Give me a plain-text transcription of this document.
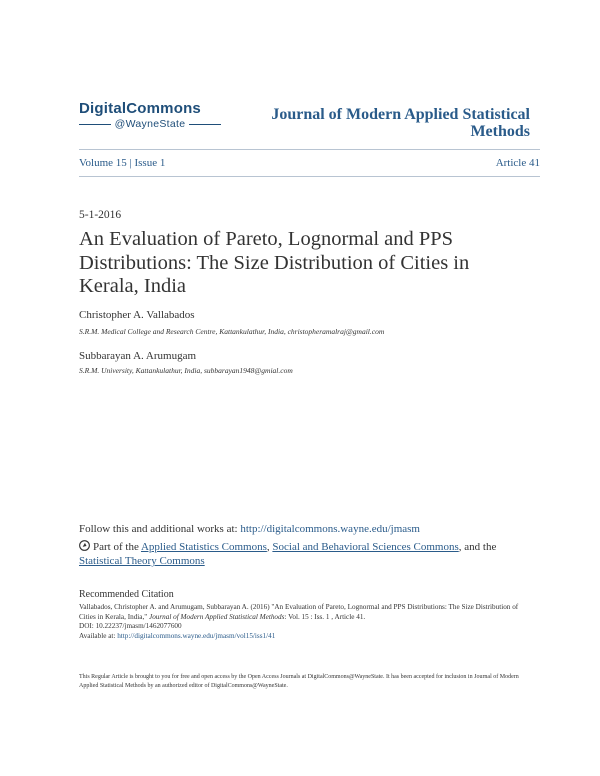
DigitalCommons
@WayneState
Journal of Modern Applied Statistical Methods
Volume 15 | Issue 1	Article 41
5-1-2016
An Evaluation of Pareto, Lognormal and PPS Distributions: The Size Distribution of Cities in Kerala, India
Christopher A. Vallabados
S.R.M. Medical College and Research Centre, Kattankulathur, India, christopheramalraj@gmail.com
Subbarayan A. Arumugam
S.R.M. University, Kattankulathur, India, subbarayan1948@gmial.com
Follow this and additional works at: http://digitalcommons.wayne.edu/jmasm
Part of the Applied Statistics Commons, Social and Behavioral Sciences Commons, and the Statistical Theory Commons
Recommended Citation
Vallabados, Christopher A. and Arumugam, Subbarayan A. (2016) "An Evaluation of Pareto, Lognormal and PPS Distributions: The Size Distribution of Cities in Kerala, India," Journal of Modern Applied Statistical Methods: Vol. 15 : Iss. 1 , Article 41.
DOI: 10.22237/jmasm/1462077600
Available at: http://digitalcommons.wayne.edu/jmasm/vol15/iss1/41
This Regular Article is brought to you for free and open access by the Open Access Journals at DigitalCommons@WayneState. It has been accepted for inclusion in Journal of Modern Applied Statistical Methods by an authorized editor of DigitalCommons@WayneState.
